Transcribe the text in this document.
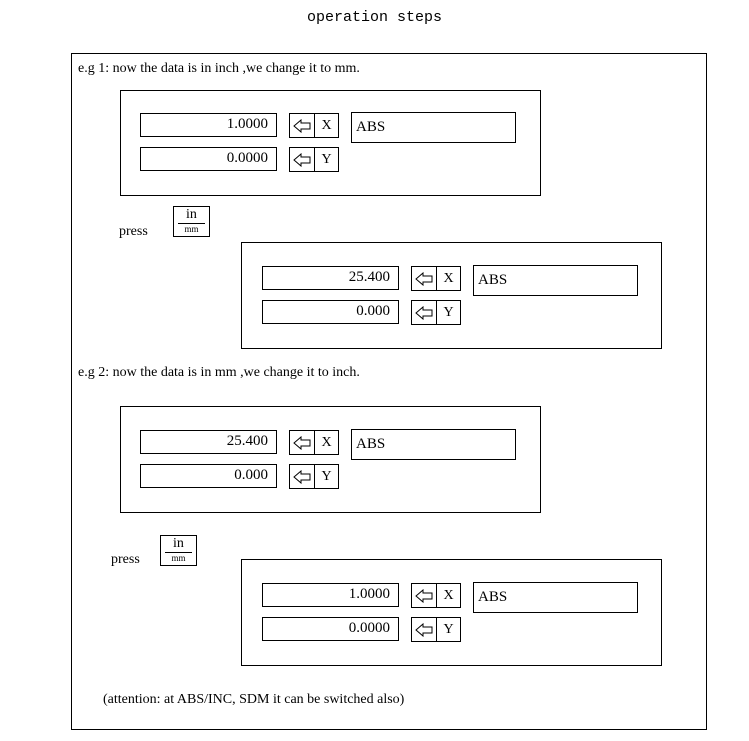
operation steps
e.g 1: now the data is in inch ,we change it to mm.
1.0000
0.0000
X
Y
ABS
press
in
mm
25.400
0.000
X
Y
ABS
e.g 2: now the data is in mm ,we change it to inch.
25.400
0.000
X
Y
ABS
press
in
mm
1.0000
0.0000
X
Y
ABS
(attention: at ABS/INC, SDM it can be switched also)
